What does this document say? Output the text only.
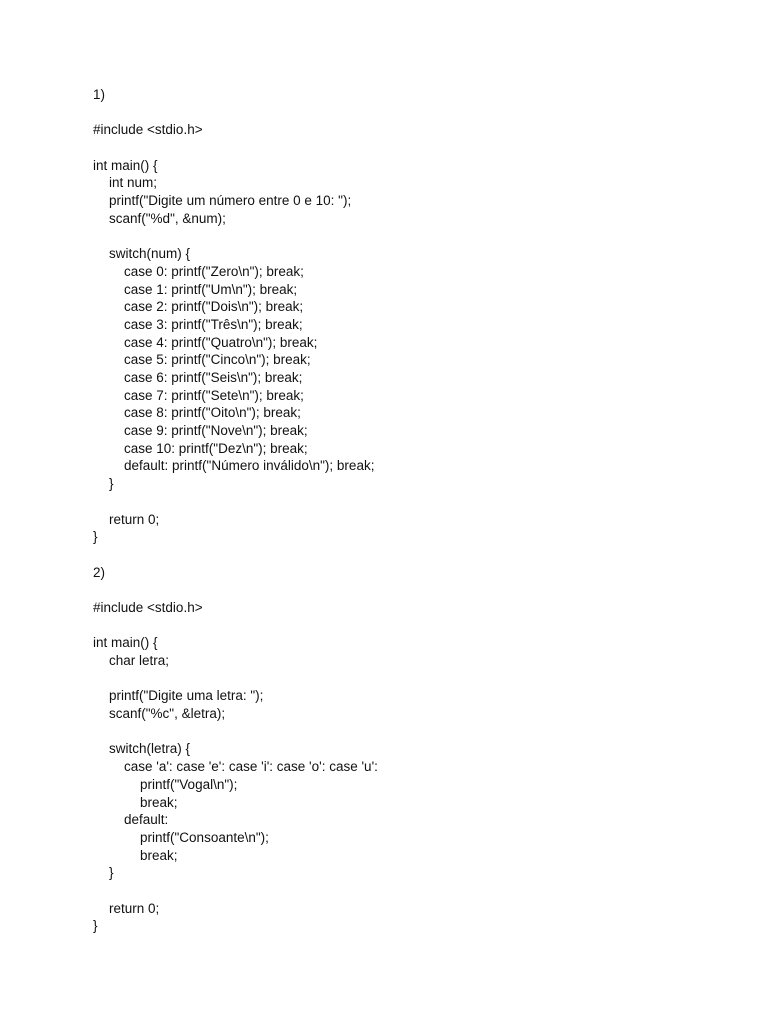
1)
#include <stdio.h>
int main() {
int num;
printf("Digite um número entre 0 e 10: ");
scanf("%d", &num);
switch(num) {
case 0: printf("Zero\n"); break;
case 1: printf("Um\n"); break;
case 2: printf("Dois\n"); break;
case 3: printf("Três\n"); break;
case 4: printf("Quatro\n"); break;
case 5: printf("Cinco\n"); break;
case 6: printf("Seis\n"); break;
case 7: printf("Sete\n"); break;
case 8: printf("Oito\n"); break;
case 9: printf("Nove\n"); break;
case 10: printf("Dez\n"); break;
default: printf("Número inválido\n"); break;
}
return 0;
}
2)
#include <stdio.h>
int main() {
char letra;
printf("Digite uma letra: ");
scanf("%c", &letra);
switch(letra) {
case 'a': case 'e': case 'i': case 'o': case 'u':
printf("Vogal\n");
break;
default:
printf("Consoante\n");
break;
}
return 0;
}
